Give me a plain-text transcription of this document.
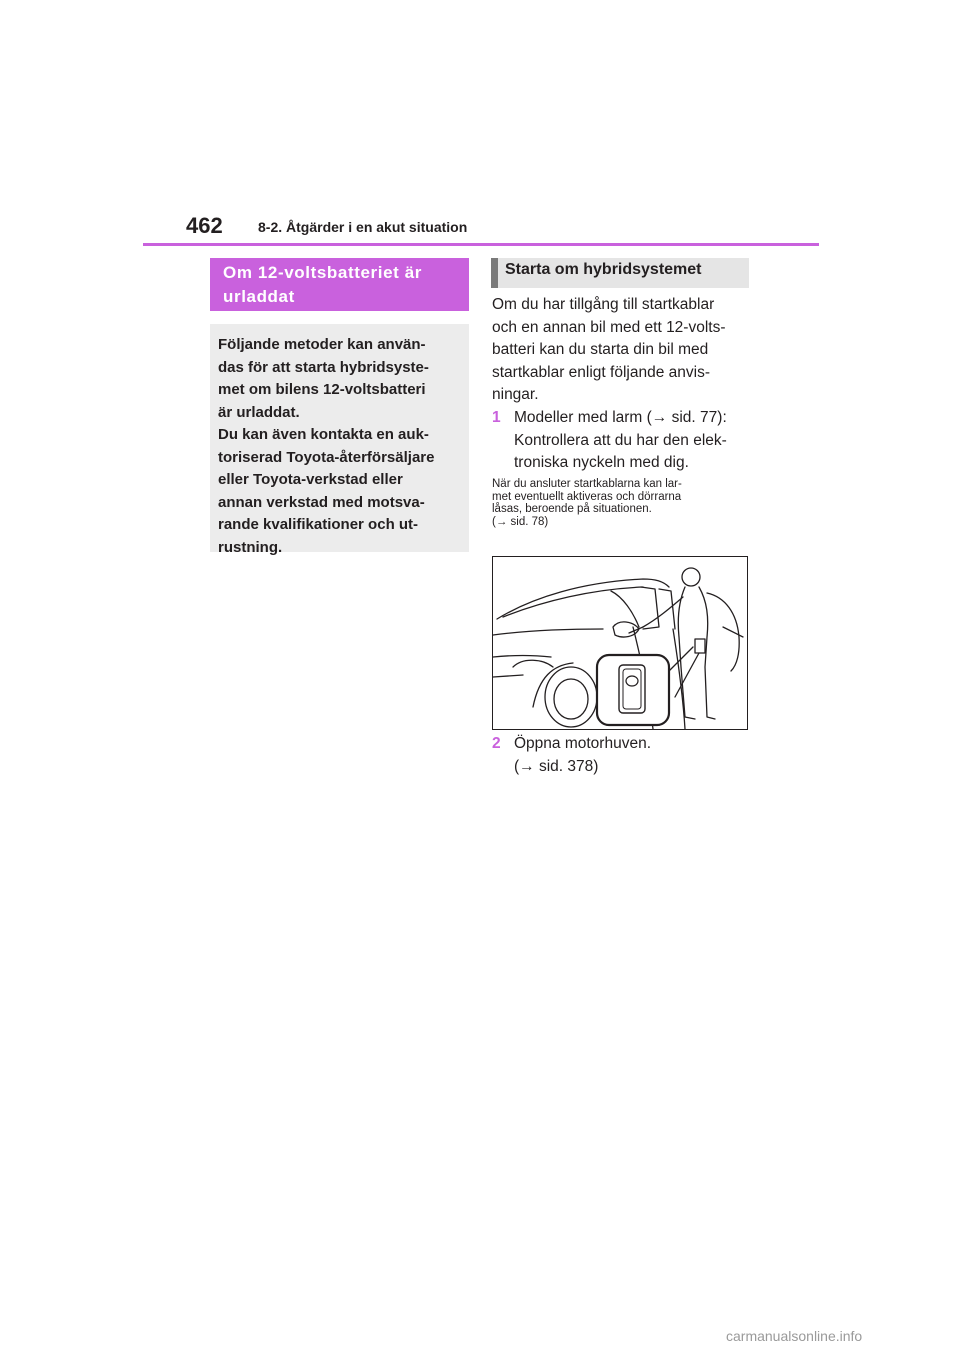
462	8-2. Åtgärder i en akut situation
Om 12-voltsbatteriet är
urladdat

Följande metoder kan använ-

das för att starta hybridsyste-

met om bilens 12-voltsbatteri

är urladdat.

Du kan även kontakta en auk-

toriserad Toyota-återförsäljare

eller Toyota-verkstad eller

annan verkstad med motsva-

rande kvalifikationer och ut-

rustning.

Starta om hybridsystemet
Om du har tillgång till startkablar
och en annan bil med ett 12-volts-
batteri kan du starta din bil med
startkablar enligt följande anvis-
ningar.
1 Modeller med larm (→ sid. 77):
Kontrollera att du har den elek-
troniska nyckeln med dig.
När du ansluter startkablarna kan lar-
met eventuellt aktiveras och dörrarna
låsas, beroende på situationen.
(→ sid. 78)
2 Öppna motorhuven.
(→ sid. 378)
carmanualsonline.info
